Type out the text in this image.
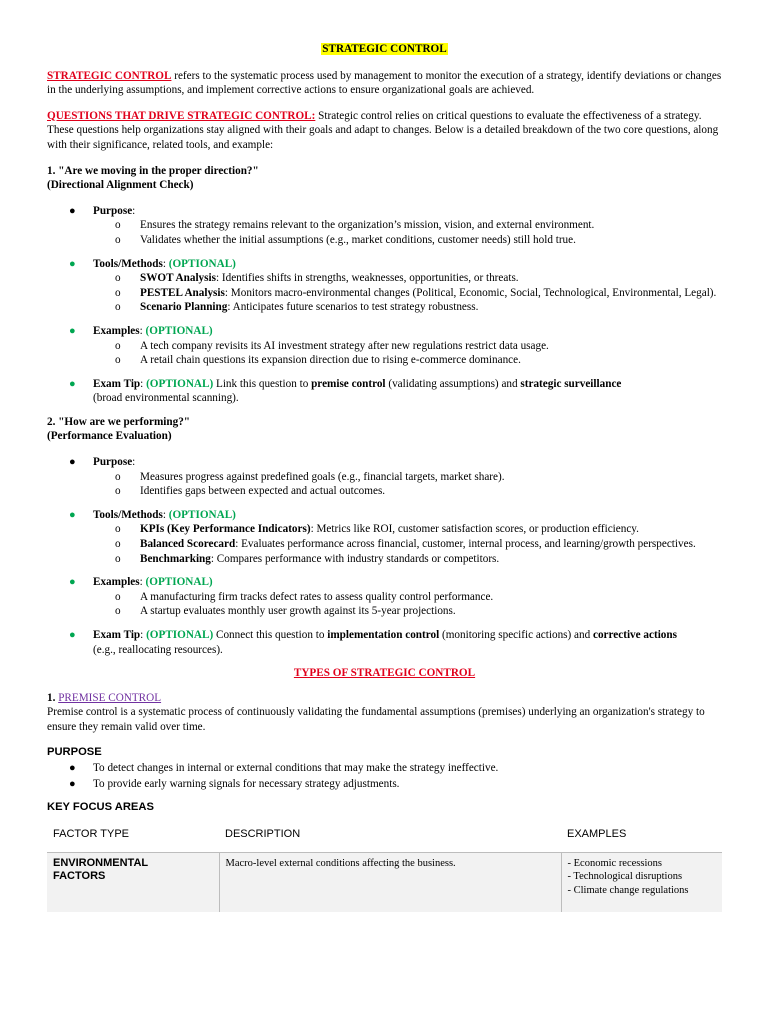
STRATEGIC CONTROL

STRATEGIC CONTROL refers to the systematic process used by management to monitor the execution of a strategy, identify deviations or changes in the underlying assumptions, and implement corrective actions to ensure organizational goals are achieved.

QUESTIONS THAT DRIVE STRATEGIC CONTROL: Strategic control relies on critical questions to evaluate the effectiveness of a strategy. These questions help organizations stay aligned with their goals and adapt to changes. Below is a detailed breakdown of the two core questions, along with their significance, related tools, and example:

1. "Are we moving in the proper direction?"
(Directional Alignment Check)

● Purpose:
o Ensures the strategy remains relevant to the organization’s mission, vision, and external environment.
o Validates whether the initial assumptions (e.g., market conditions, customer needs) still hold true.
● Tools/Methods: (OPTIONAL)
o SWOT Analysis: Identifies shifts in strengths, weaknesses, opportunities, or threats.
o PESTEL Analysis: Monitors macro-environmental changes (Political, Economic, Social, Technological, Environmental, Legal).
o Scenario Planning: Anticipates future scenarios to test strategy robustness.
● Examples: (OPTIONAL)
o A tech company revisits its AI investment strategy after new regulations restrict data usage.
o A retail chain questions its expansion direction due to rising e-commerce dominance.
● Exam Tip: (OPTIONAL) Link this question to premise control (validating assumptions) and strategic surveillance (broad environmental scanning).

2. "How are we performing?"
(Performance Evaluation)

● Purpose:
o Measures progress against predefined goals (e.g., financial targets, market share).
o Identifies gaps between expected and actual outcomes.
● Tools/Methods: (OPTIONAL)
o KPIs (Key Performance Indicators): Metrics like ROI, customer satisfaction scores, or production efficiency.
o Balanced Scorecard: Evaluates performance across financial, customer, internal process, and learning/growth perspectives.
o Benchmarking: Compares performance with industry standards or competitors.
● Examples: (OPTIONAL)
o A manufacturing firm tracks defect rates to assess quality control performance.
o A startup evaluates monthly user growth against its 5-year projections.
● Exam Tip: (OPTIONAL) Connect this question to implementation control (monitoring specific actions) and corrective actions (e.g., reallocating resources).

TYPES OF STRATEGIC CONTROL

1. PREMISE CONTROL

Premise control is a systematic process of continuously validating the fundamental assumptions (premises) underlying an organization's strategy to ensure they remain valid over time.

PURPOSE

● To detect changes in internal or external conditions that may make the strategy ineffective.
● To provide early warning signals for necessary strategy adjustments.

KEY FOCUS AREAS

FACTOR TYPE	DESCRIPTION	EXAMPLES
ENVIRONMENTAL
FACTORS	Macro-level external conditions affecting the business.	- Economic recessions
- Technological disruptions
- Climate change regulations
